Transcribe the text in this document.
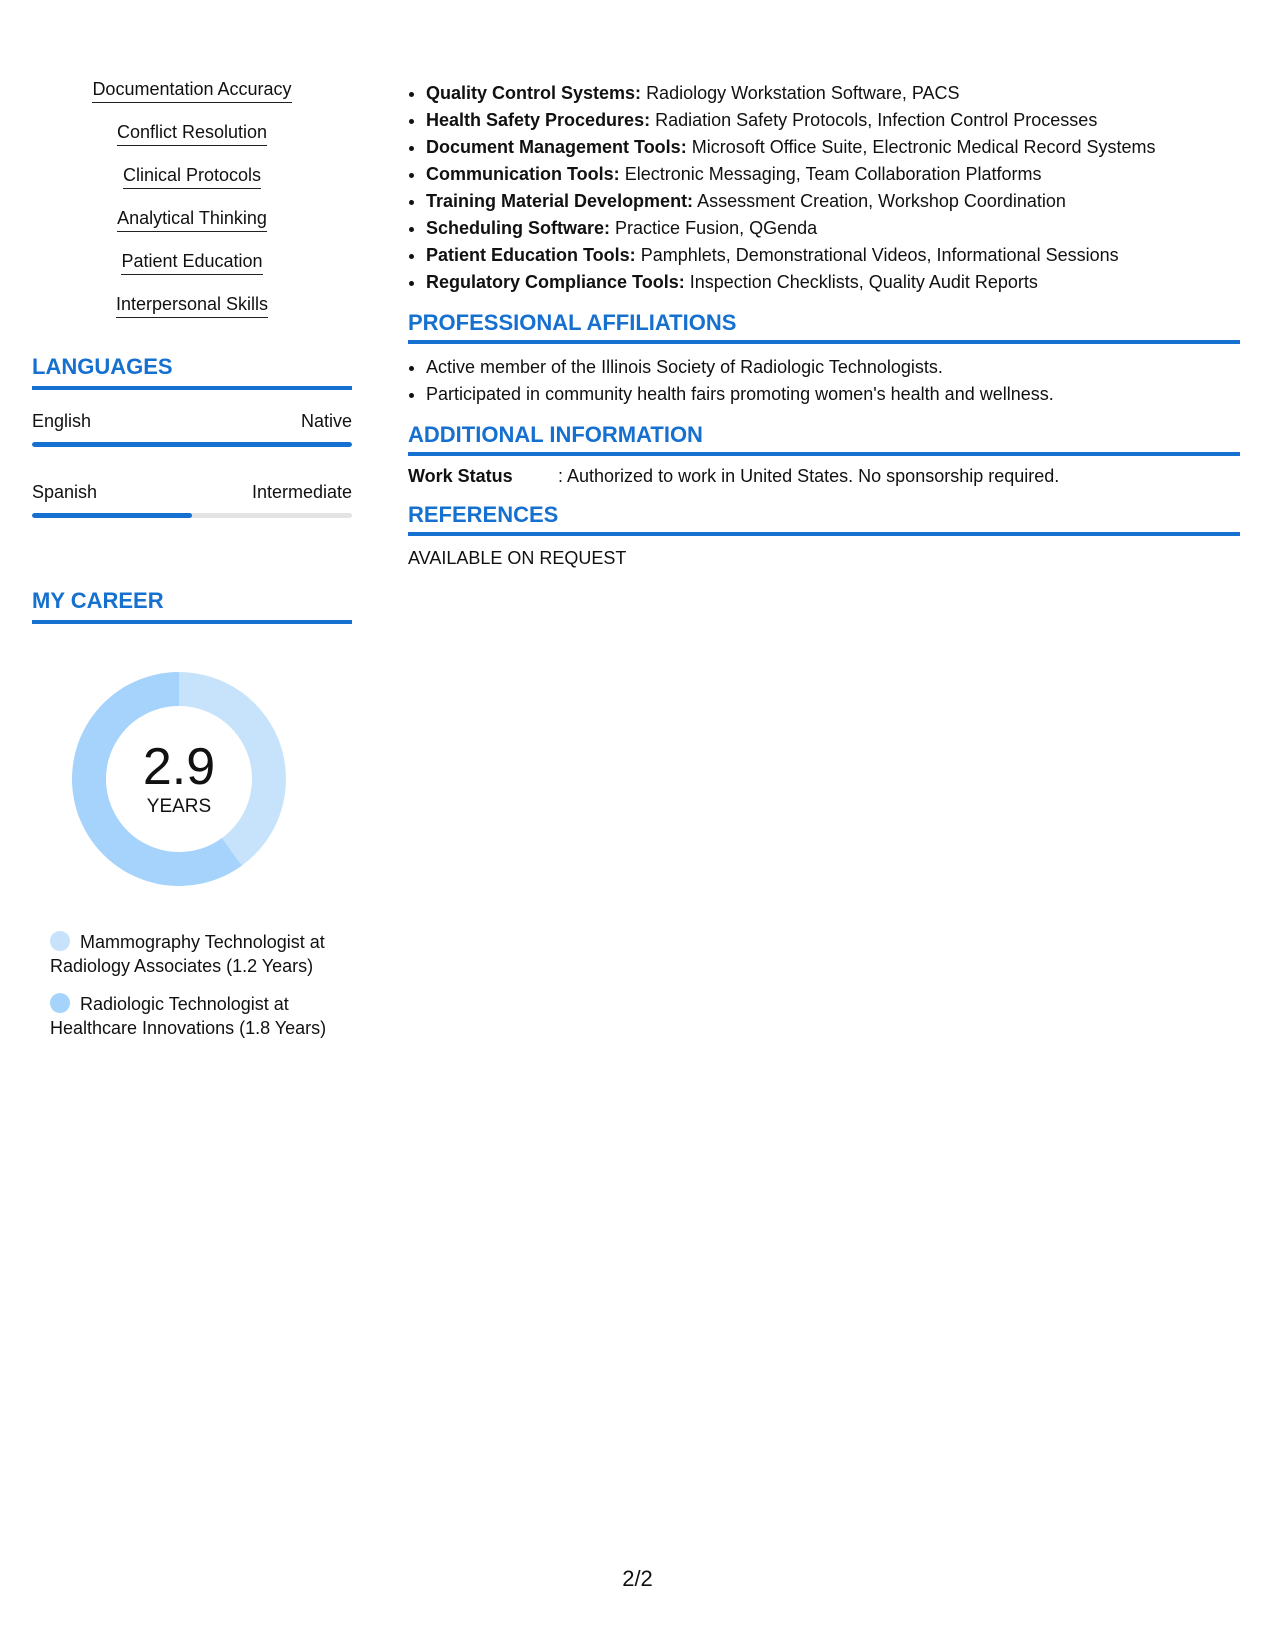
Documentation Accuracy
Conflict Resolution
Clinical Protocols
Analytical Thinking
Patient Education
Interpersonal Skills
LANGUAGES
English	Native
Spanish	Intermediate
MY CAREER
2.9
YEARS
Mammography Technologist at Radiology Associates (1.2 Years)
Radiologic Technologist at Healthcare Innovations (1.8 Years)
• Quality Control Systems: Radiology Workstation Software, PACS
• Health Safety Procedures: Radiation Safety Protocols, Infection Control Processes
• Document Management Tools: Microsoft Office Suite, Electronic Medical Record Systems
• Communication Tools: Electronic Messaging, Team Collaboration Platforms
• Training Material Development: Assessment Creation, Workshop Coordination
• Scheduling Software: Practice Fusion, QGenda
• Patient Education Tools: Pamphlets, Demonstrational Videos, Informational Sessions
• Regulatory Compliance Tools: Inspection Checklists, Quality Audit Reports
PROFESSIONAL AFFILIATIONS
• Active member of the Illinois Society of Radiologic Technologists.
• Participated in community health fairs promoting women's health and wellness.
ADDITIONAL INFORMATION
Work Status	: Authorized to work in United States. No sponsorship required.
REFERENCES
AVAILABLE ON REQUEST
2/2
